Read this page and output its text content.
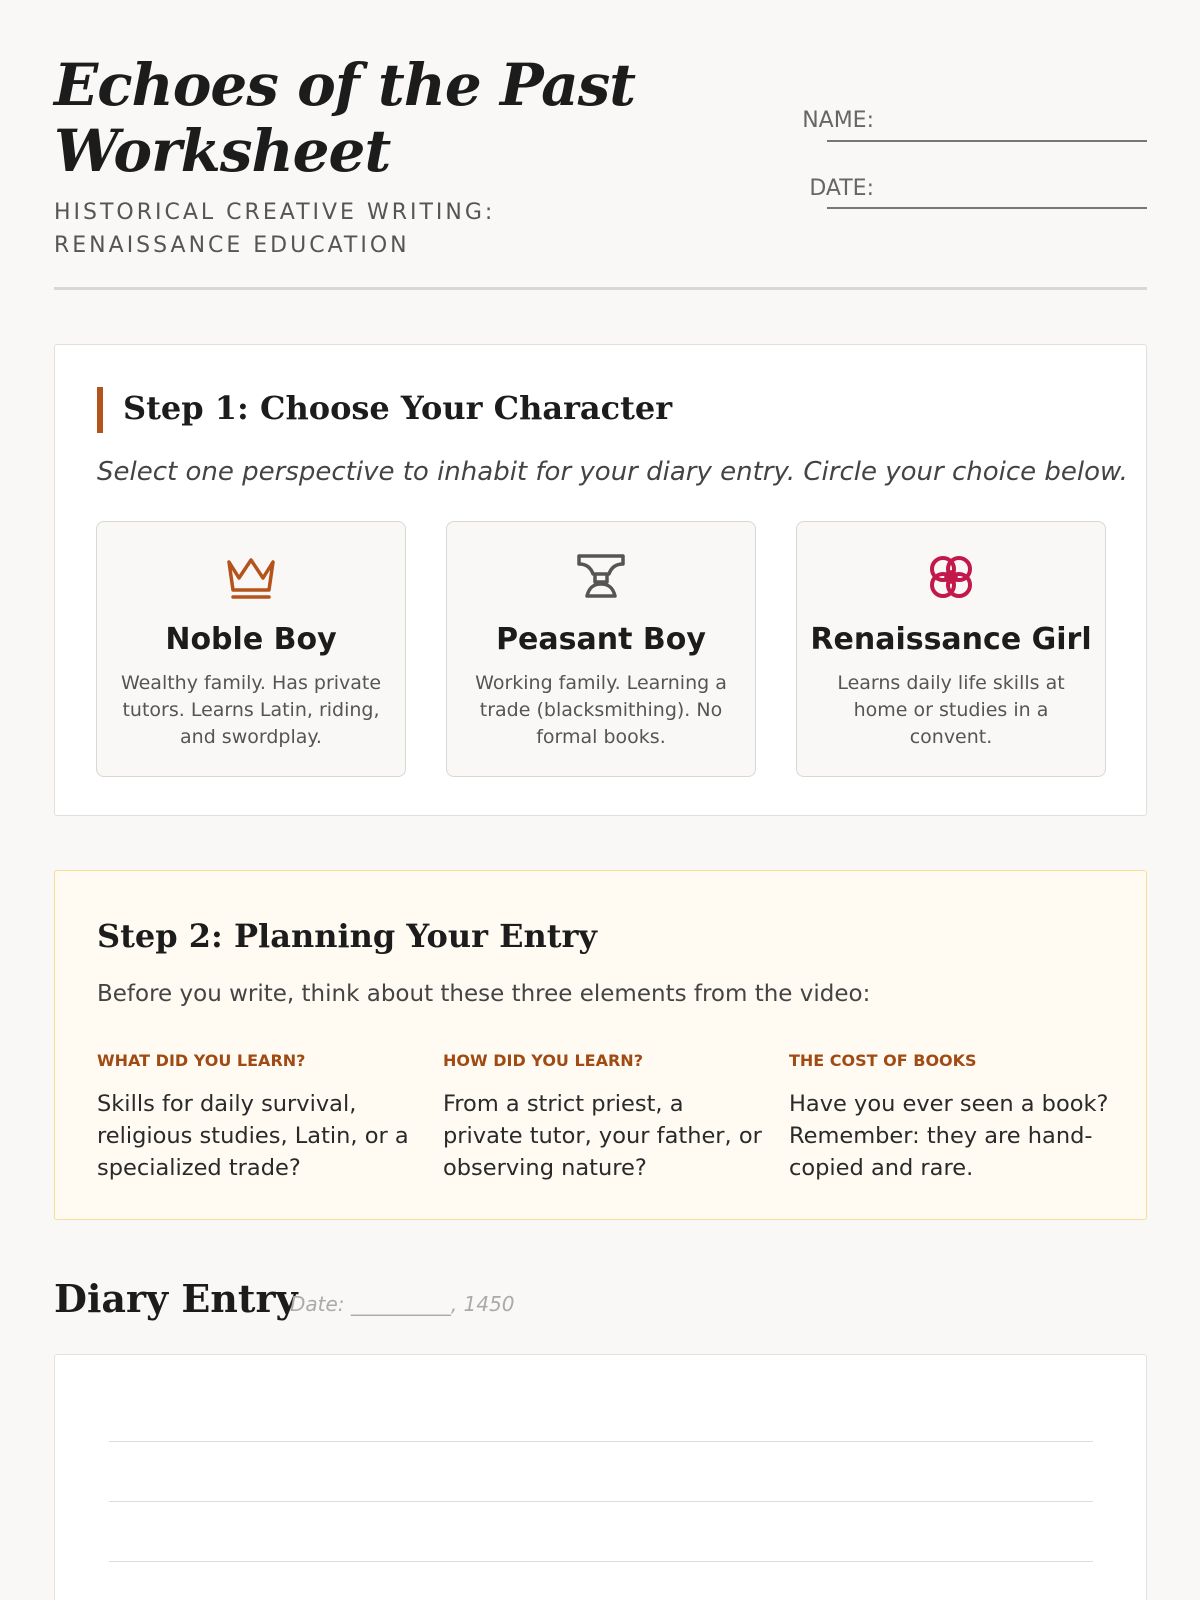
Echoes of the Past Worksheet
HISTORICAL CREATIVE WRITING: RENAISSANCE EDUCATION
NAME:
DATE:
Step 1: Choose Your Character
Select one perspective to inhabit for your diary entry. Circle your choice below.
Noble Boy
Wealthy family. Has private tutors. Learns Latin, riding, and swordplay.
Peasant Boy
Working family. Learning a trade (blacksmithing). No formal books.
Renaissance Girl
Learns daily life skills at home or studies in a convent.
Step 2: Planning Your Entry
Before you write, think about these three elements from the video:
WHAT DID YOU LEARN?
Skills for daily survival, religious studies, Latin, or a specialized trade?
HOW DID YOU LEARN?
From a strict priest, a private tutor, your father, or observing nature?
THE COST OF BOOKS
Have you ever seen a book? Remember: they are hand-copied and rare.
Diary Entry
Date: __________, 1450
